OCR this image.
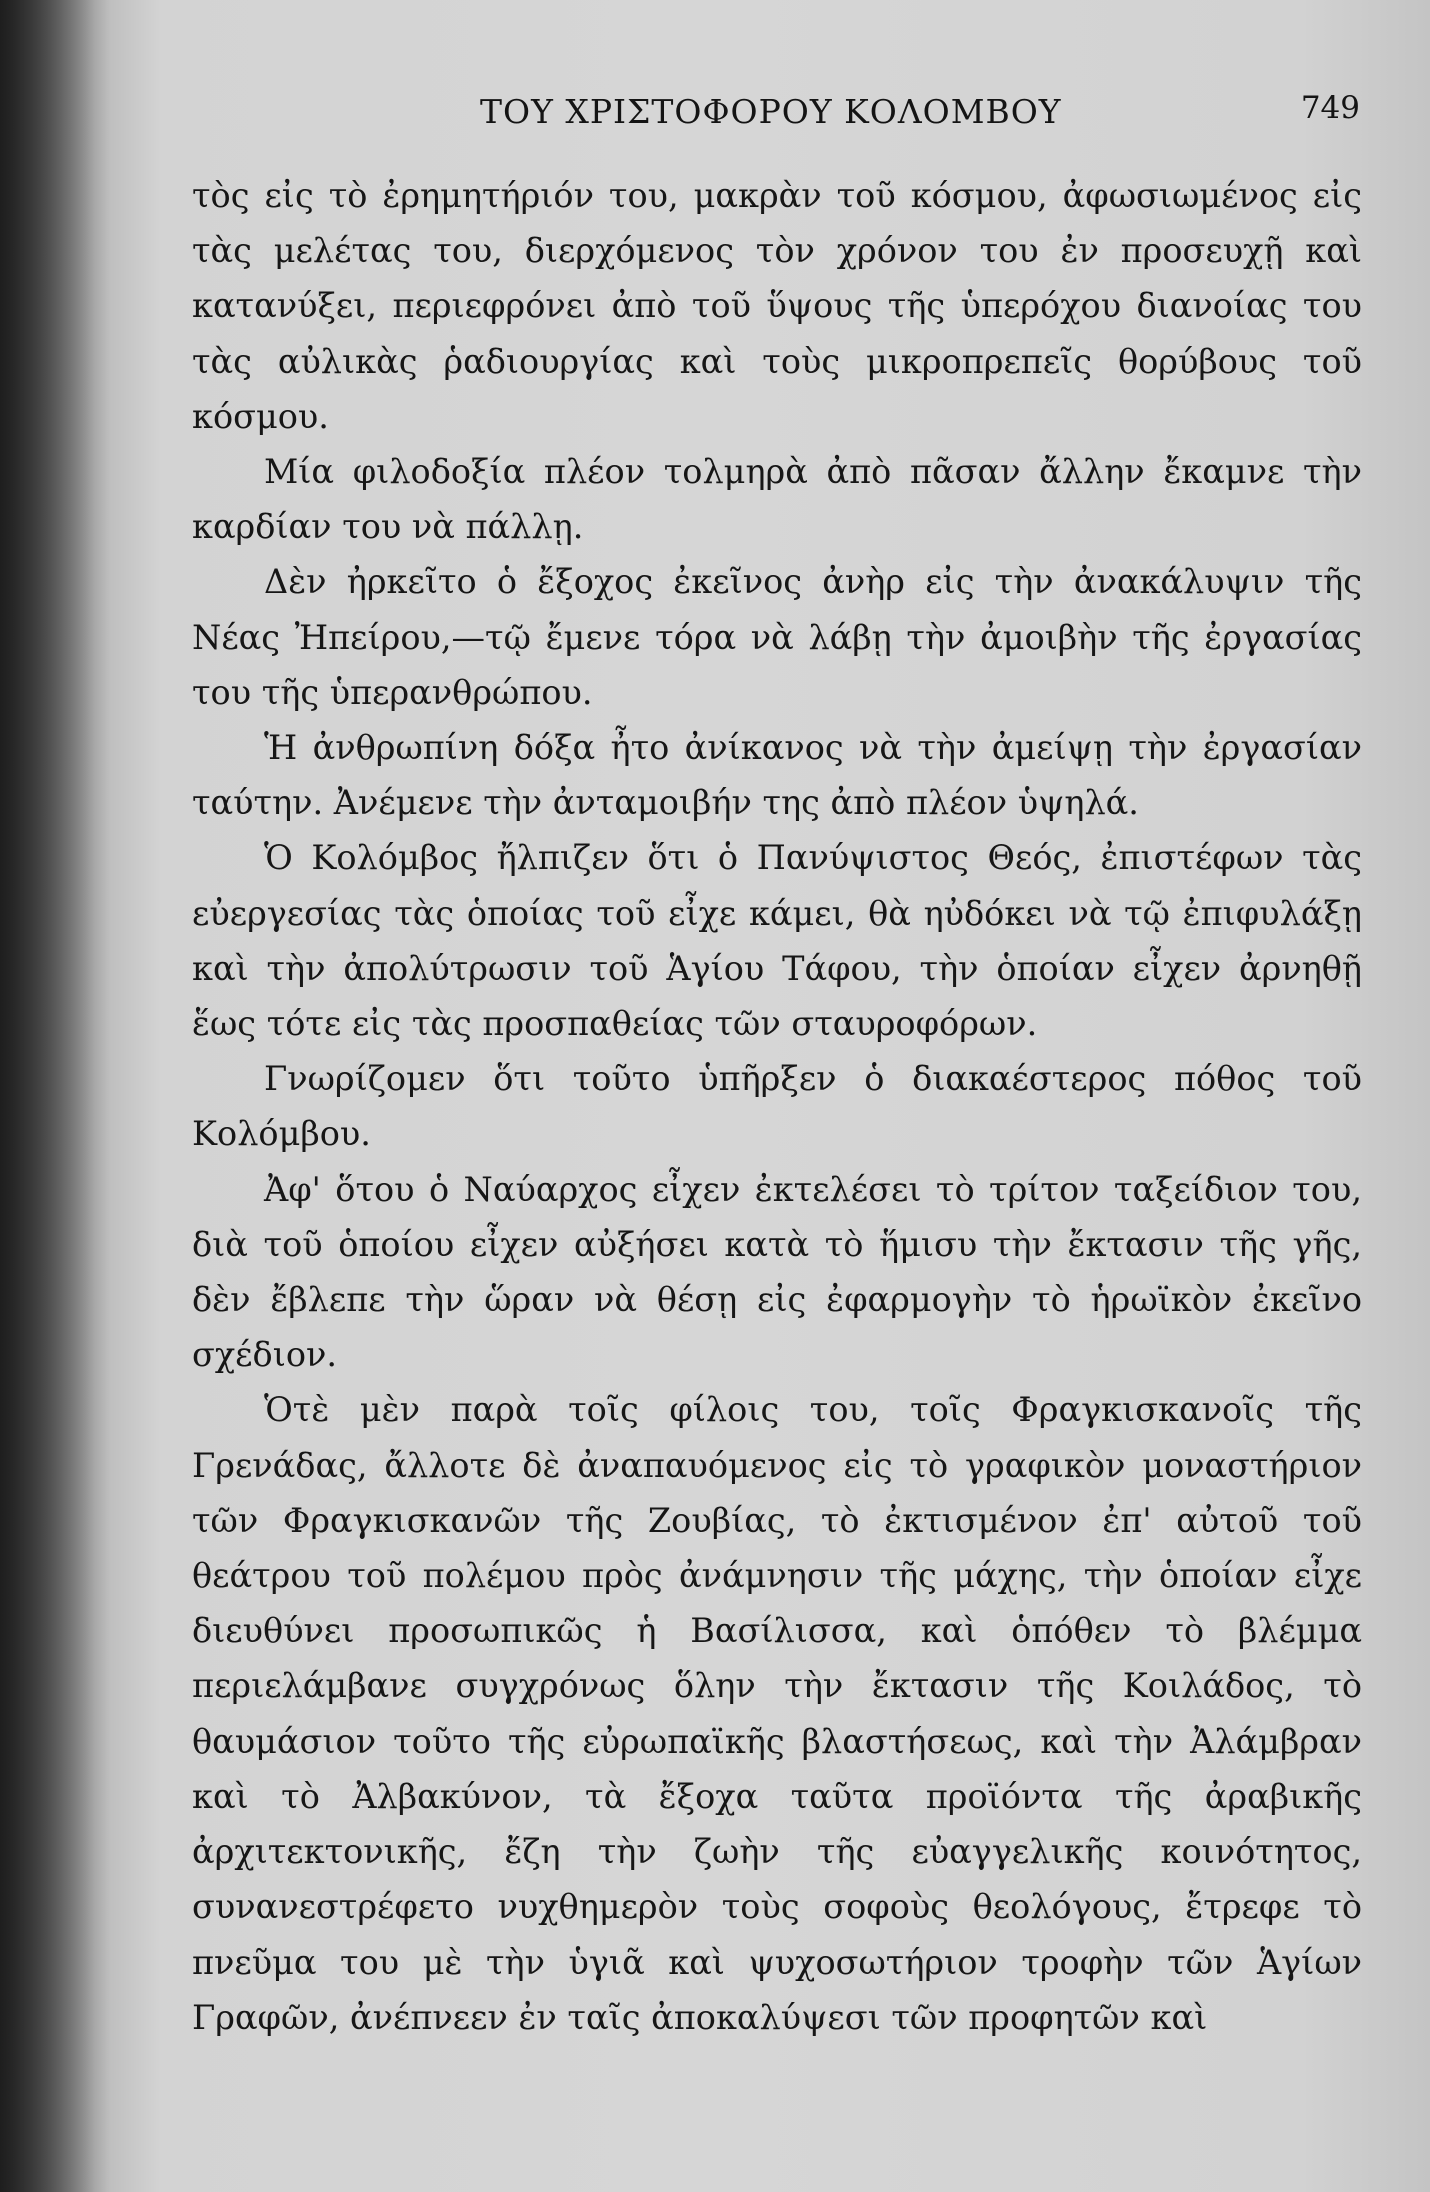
ΤΟΥ ΧΡΙΣΤΟΦΟΡΟΥ ΚΟΛΟΜΒΟΥ	749

τὸς εἰς τὸ ἐρημητήριόν του, μακρὰν τοῦ κόσμου, ἀφωσιωμένος εἰς τὰς μελέτας του, διερχόμενος τὸν χρόνον του ἐν προσευχῇ καὶ κατανύξει, περιεφρόνει ἀπὸ τοῦ ὕψους τῆς ὑπερόχου διανοίας του τὰς αὐλικὰς ῥαδιουργίας καὶ τοὺς μικροπρεπεῖς θορύβους τοῦ κόσμου.

Μία φιλοδοξία πλέον τολμηρὰ ἀπὸ πᾶσαν ἄλλην ἔκαμνε τὴν καρδίαν του νὰ πάλλῃ.

Δὲν ἠρκεῖτο ὁ ἔξοχος ἐκεῖνος ἀνὴρ εἰς τὴν ἀνακάλυψιν τῆς Νέας Ἠπείρου,—τῷ ἔμενε τόρα νὰ λάβῃ τὴν ἀμοιβὴν τῆς ἐργασίας του τῆς ὑπερανθρώπου.

Ἡ ἀνθρωπίνη δόξα ἦτο ἀνίκανος νὰ τὴν ἀμείψῃ τὴν ἐργασίαν ταύτην. Ἀνέμενε τὴν ἀνταμοιβήν της ἀπὸ πλέον ὑψηλά.

Ὁ Κολόμβος ἤλπιζεν ὅτι ὁ Πανύψιστος Θεός, ἐπιστέφων τὰς εὐεργεσίας τὰς ὁποίας τοῦ εἶχε κάμει, θὰ ηὐδόκει νὰ τῷ ἐπιφυλάξῃ καὶ τὴν ἀπολύτρωσιν τοῦ Ἁγίου Τάφου, τὴν ὁποίαν εἶχεν ἀρνηθῇ ἕως τότε εἰς τὰς προσπαθείας τῶν σταυροφόρων.

Γνωρίζομεν ὅτι τοῦτο ὑπῆρξεν ὁ διακαέστερος πόθος τοῦ Κολόμβου.

Ἀφ' ὅτου ὁ Ναύαρχος εἶχεν ἐκτελέσει τὸ τρίτον ταξείδιον του, διὰ τοῦ ὁποίου εἶχεν αὐξήσει κατὰ τὸ ἥμισυ τὴν ἔκτασιν τῆς γῆς, δὲν ἔβλεπε τὴν ὥραν νὰ θέσῃ εἰς ἐφαρμογὴν τὸ ἡρωϊκὸν ἐκεῖνο σχέδιον.

Ὁτὲ μὲν παρὰ τοῖς φίλοις του, τοῖς Φραγκισκανοῖς τῆς Γρενάδας, ἄλλοτε δὲ ἀναπαυόμενος εἰς τὸ γραφικὸν μοναστήριον τῶν Φραγκισκανῶν τῆς Ζουβίας, τὸ ἐκτισμένον ἐπ' αὐτοῦ τοῦ θεάτρου τοῦ πολέμου πρὸς ἀνάμνησιν τῆς μάχης, τὴν ὁποίαν εἶχε διευθύνει προσωπικῶς ἡ Βασίλισσα, καὶ ὁπόθεν τὸ βλέμμα περιελάμβανε συγχρόνως ὅλην τὴν ἔκτασιν τῆς Κοιλάδος, τὸ θαυμάσιον τοῦτο τῆς εὐρωπαϊκῆς βλαστήσεως, καὶ τὴν Ἀλάμβραν καὶ τὸ Ἀλβακύνον, τὰ ἔξοχα ταῦτα προϊόντα τῆς ἀραβικῆς ἀρχιτεκτονικῆς, ἔζη τὴν ζωὴν τῆς εὐαγγελικῆς κοινότητος, συνανεστρέφετο νυχθημερὸν τοὺς σοφοὺς θεολόγους, ἔτρεφε τὸ πνεῦμα του μὲ τὴν ὑγιᾶ καὶ ψυχοσωτήριον τροφὴν τῶν Ἁγίων Γραφῶν, ἀνέπνεεν ἐν ταῖς ἀποκαλύψεσι τῶν προφητῶν καὶ
